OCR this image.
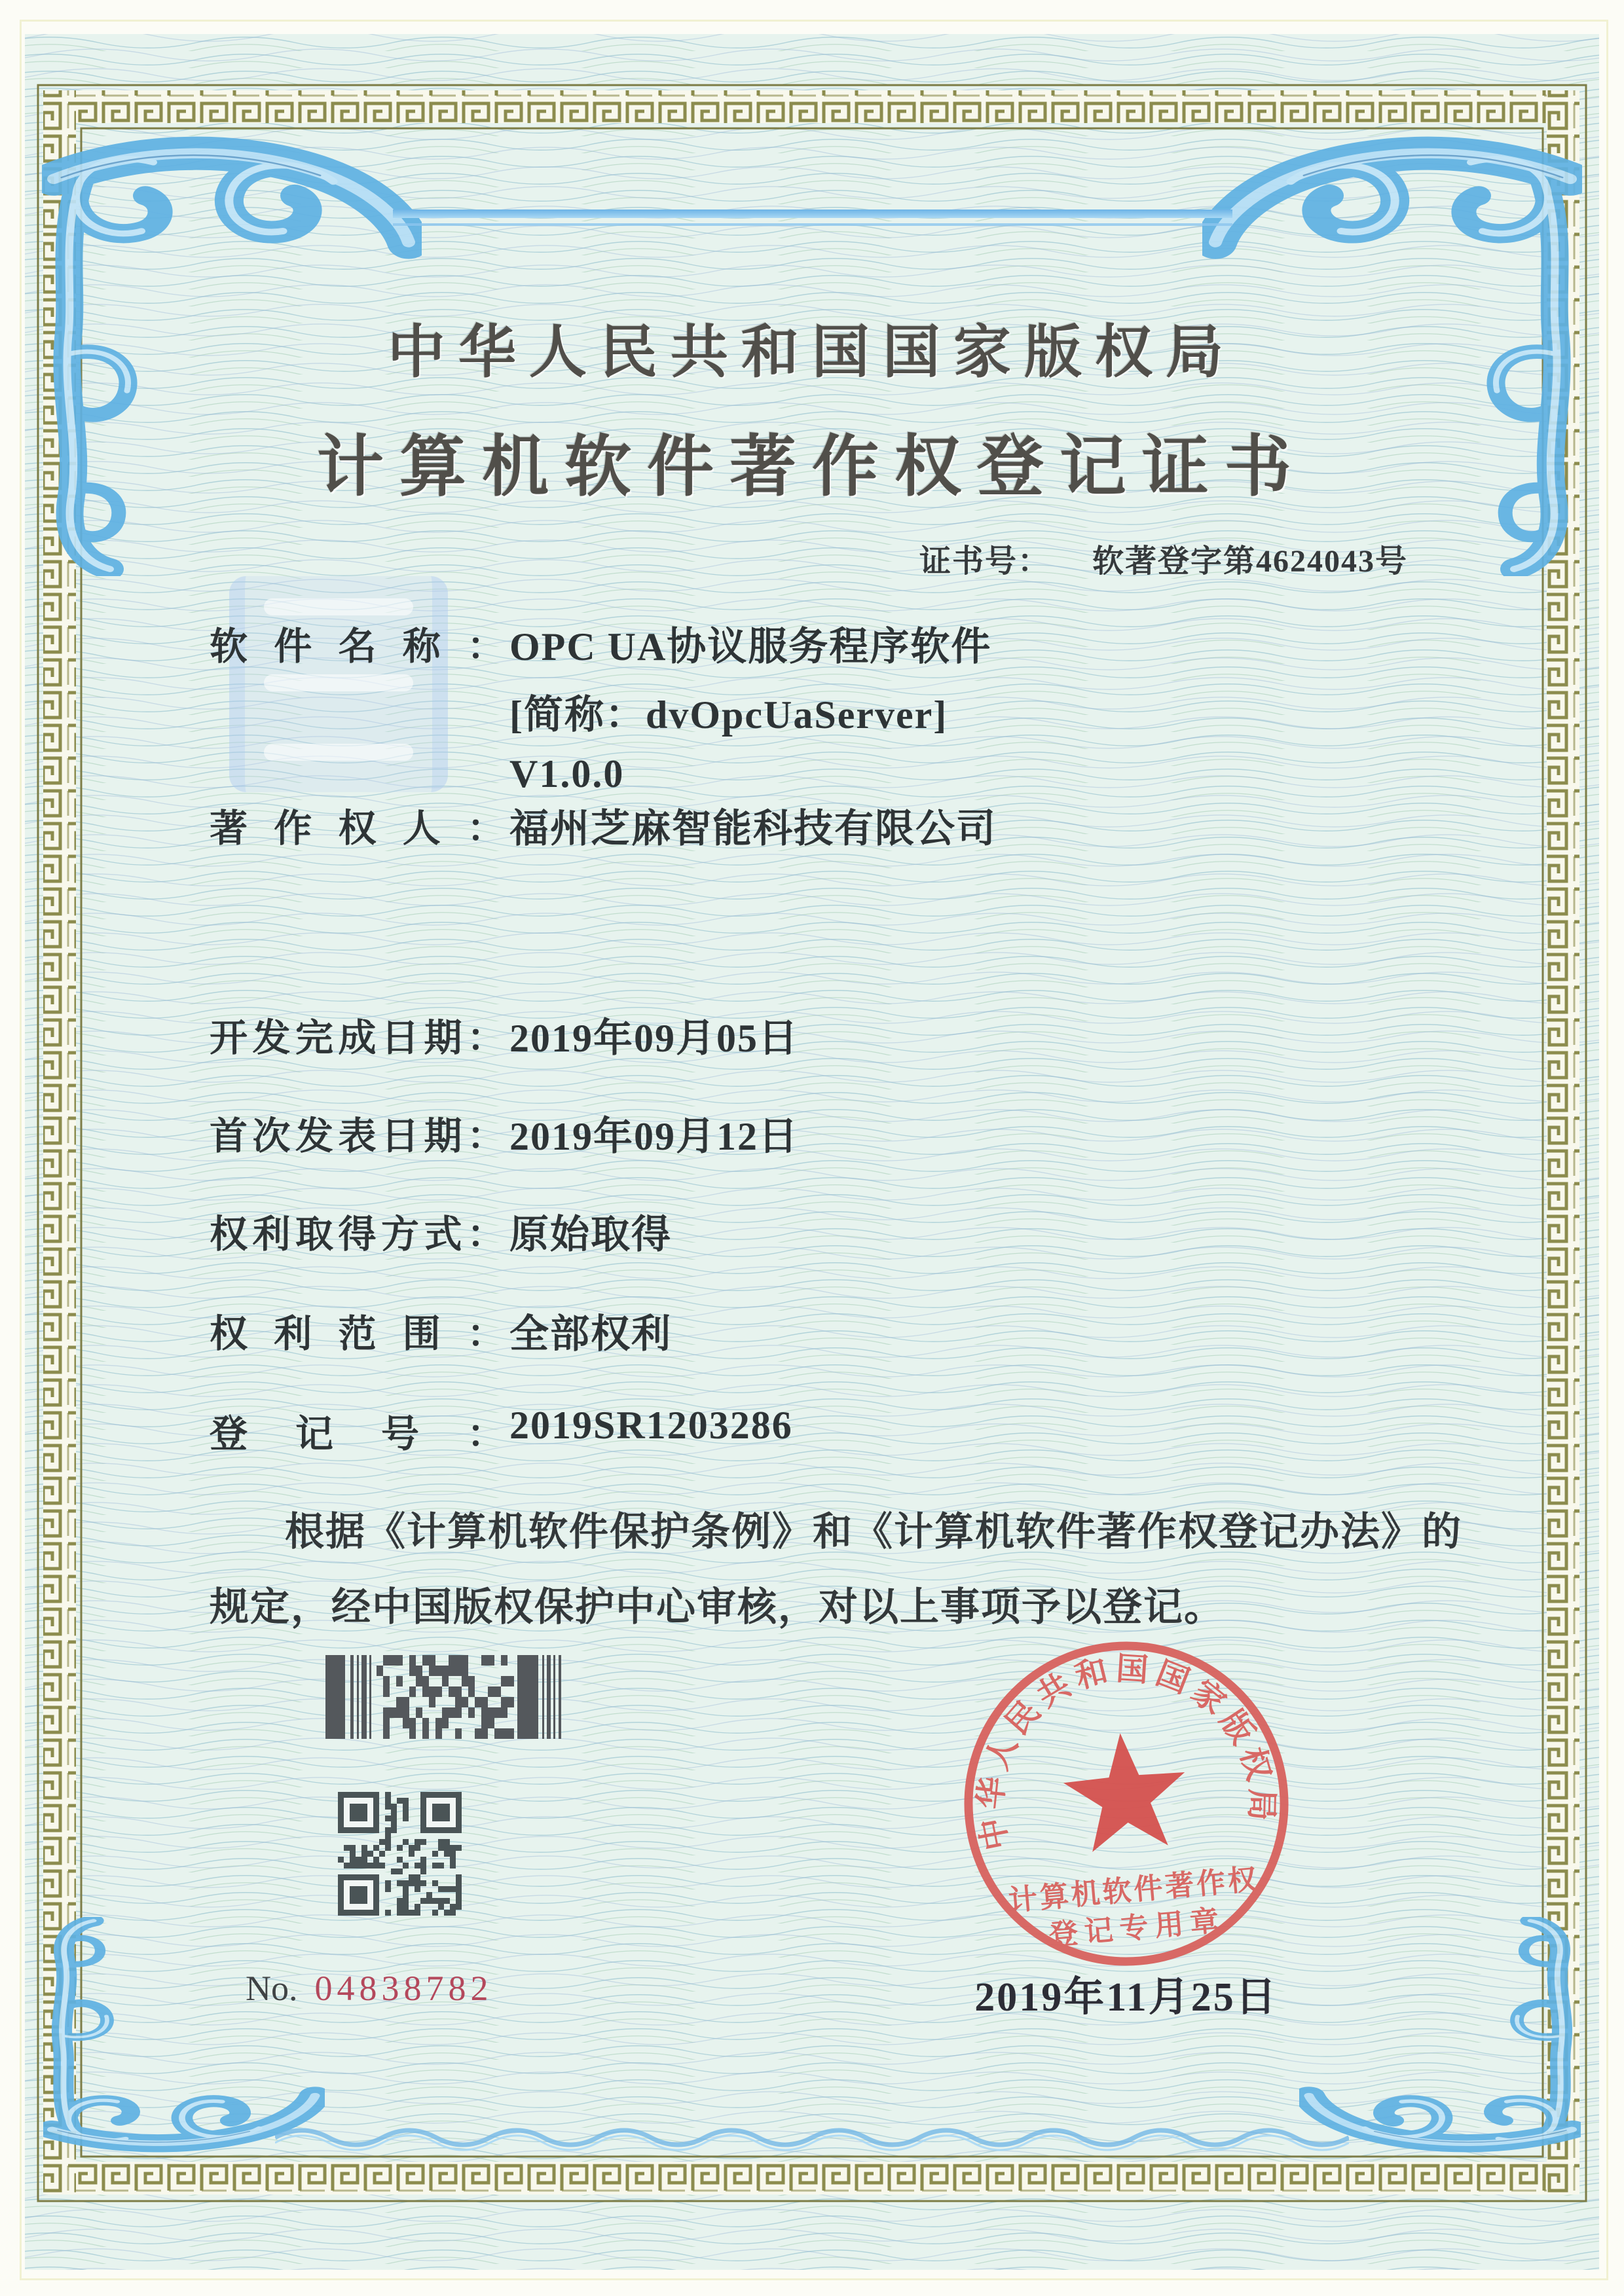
中华人民共和国国家版权局
计算机软件著作权登记证书
证书号： 软著登字第4624043号
软件名称： OPC UA协议服务程序软件
[简称：dvOpcUaServer]
V1.0.0
著作权人： 福州芝麻智能科技有限公司
开发完成日期： 2019年09月05日
首次发表日期： 2019年09月12日
权利取得方式： 原始取得
权利范围： 全部权利
登记号： 2019SR1203286
根据《计算机软件保护条例》和《计算机软件著作权登记办法》的
规定，经中国版权保护中心审核，对以上事项予以登记。
中华人民共和国国家版权局
计算机软件著作权
登记专用章
No. 04838782	2019年11月25日
